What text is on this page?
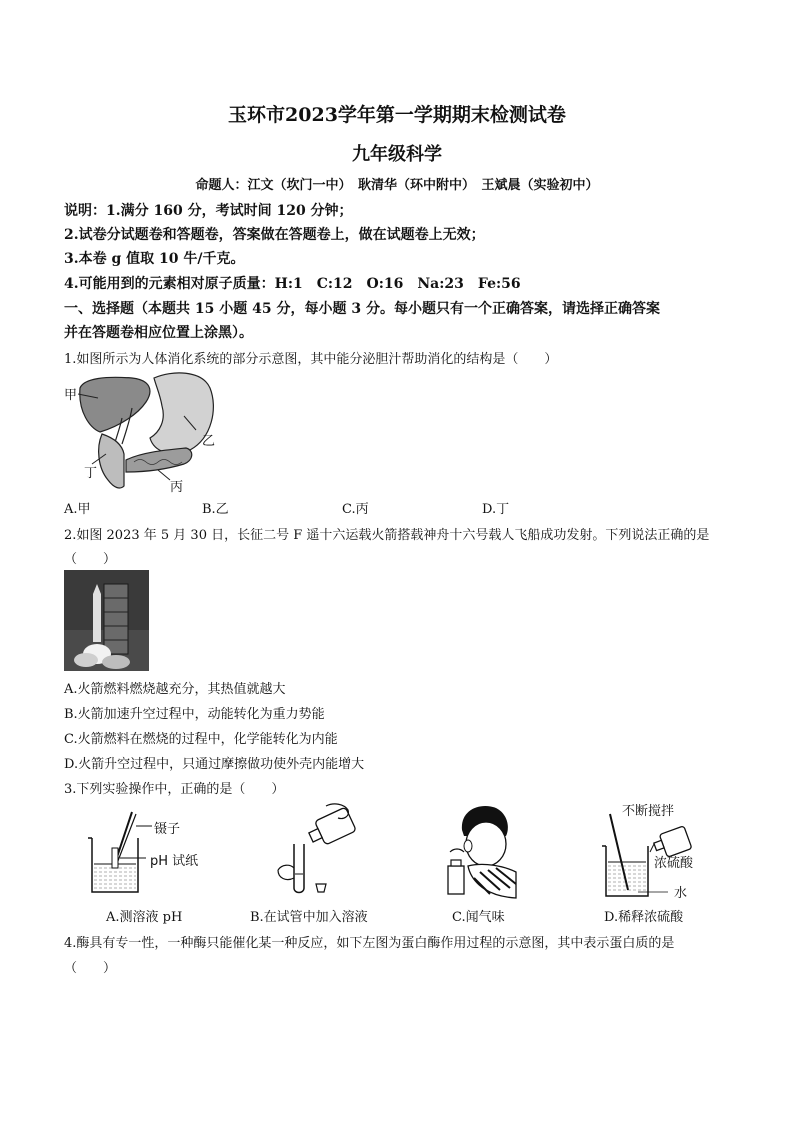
玉环市2023学年第一学期期末检测试卷
九年级科学
命题人：江文（坎门一中）　耿清华（环中附中）　王斌晨（实验初中）
说明：1.满分 160 分，考试时间 120 分钟；
2.试卷分试题卷和答题卷，答案做在答题卷上，做在试题卷上无效；
3.本卷 g 值取 10 牛/千克。
4.可能用到的元素相对原子质量：H:1　C:12　O:16　Na:23　Fe:56
一、选择题（本题共 15 小题 45 分，每小题 3 分。每小题只有一个正确答案，请选择正确答案
并在答题卷相应位置上涂黑）。
1.如图所示为人体消化系统的部分示意图，其中能分泌胆汁帮助消化的结构是（　　）
甲
乙
丙
丁
A.甲	B.乙	C.丙	D.丁
2.如图 2023 年 5 月 30 日，长征二号 F 遥十六运载火箭搭载神舟十六号载人飞船成功发射。下列说法正确的是
（　　）
A.火箭燃料燃烧越充分，其热值就越大
B.火箭加速升空过程中，动能转化为重力势能
C.火箭燃料在燃烧的过程中，化学能转化为内能
D.火箭升空过程中，只通过摩擦做功使外壳内能增大
3.下列实验操作中，正确的是（　　）
镊子
pH 试纸
不断搅拌
浓硫酸
水
A.测溶液 pH	B.在试管中加入溶液	C.闻气味	D.稀释浓硫酸
4.酶具有专一性，一种酶只能催化某一种反应，如下左图为蛋白酶作用过程的示意图，其中表示蛋白质的是
（　　）
